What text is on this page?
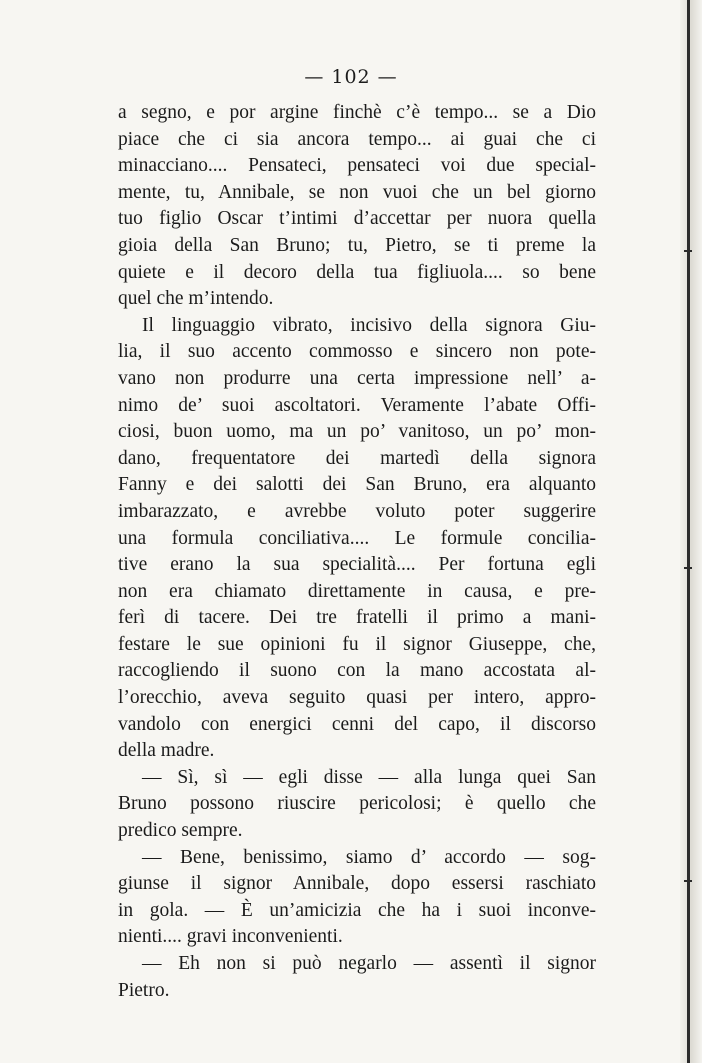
— 102 —
a segno, e por argine finchè c’è tempo... se a Dio
piace che ci sia ancora tempo... ai guai che ci
minacciano.... Pensateci, pensateci voi due special-
mente, tu, Annibale, se non vuoi che un bel giorno
tuo figlio Oscar t’intimi d’accettar per nuora quella
gioia della San Bruno; tu, Pietro, se ti preme la
quiete e il decoro della tua figliuola.... so bene
quel che m’intendo.
Il linguaggio vibrato, incisivo della signora Giu-
lia, il suo accento commosso e sincero non pote-
vano non produrre una certa impressione nell’ a-
nimo de’ suoi ascoltatori. Veramente l’abate Offi-
ciosi, buon uomo, ma un po’ vanitoso, un po’ mon-
dano, frequentatore dei martedì della signora
Fanny e dei salotti dei San Bruno, era alquanto
imbarazzato, e avrebbe voluto poter suggerire
una formula conciliativa.... Le formule concilia-
tive erano la sua specialità.... Per fortuna egli
non era chiamato direttamente in causa, e pre-
ferì di tacere. Dei tre fratelli il primo a mani-
festare le sue opinioni fu il signor Giuseppe, che,
raccogliendo il suono con la mano accostata al-
l’orecchio, aveva seguito quasi per intero, appro-
vandolo con energici cenni del capo, il discorso
della madre.
— Sì, sì — egli disse — alla lunga quei San
Bruno possono riuscire pericolosi; è quello che
predico sempre.
— Bene, benissimo, siamo d’ accordo — sog-
giunse il signor Annibale, dopo essersi raschiato
in gola. — È un’amicizia che ha i suoi inconve-
nienti.... gravi inconvenienti.
— Eh non si può negarlo — assentì il signor
Pietro.
